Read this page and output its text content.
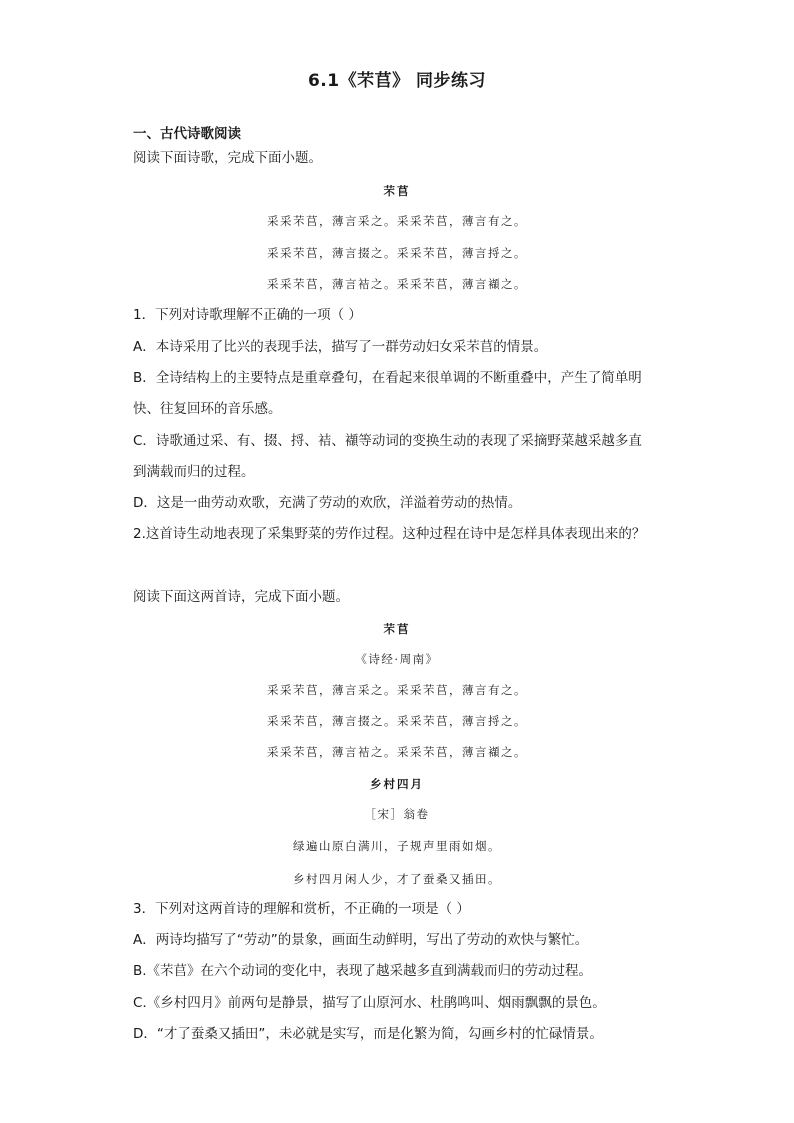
6.1《芣苢》 同步练习
一、古代诗歌阅读
阅读下面诗歌，完成下面小题。
芣苢
采采芣苢，薄言采之。采采芣苢，薄言有之。
采采芣苢，薄言掇之。采采芣苢，薄言捋之。
采采芣苢，薄言袺之。采采芣苢，薄言襭之。
1．下列对诗歌理解不正确的一项（ ）
A．本诗采用了比兴的表现手法，描写了一群劳动妇女采芣苢的情景。
B．全诗结构上的主要特点是重章叠句，在看起来很单调的不断重叠中，产生了简单明
快、往复回环的音乐感。
C．诗歌通过采、有、掇、捋、袺、襭等动词的变换生动的表现了采摘野菜越采越多直
到满载而归的过程。
D．这是一曲劳动欢歌，充满了劳动的欢欣，洋溢着劳动的热情。
2.这首诗生动地表现了采集野菜的劳作过程。这种过程在诗中是怎样具体表现出来的？
阅读下面这两首诗，完成下面小题。
芣苢
《诗经·周南》
采采芣苢，薄言采之。采采芣苢，薄言有之。
采采芣苢，薄言掇之。采采芣苢，薄言捋之。
采采芣苢，薄言袺之。采采芣苢，薄言襭之。
乡村四月
［宋］翁卷
绿遍山原白满川，子规声里雨如烟。
乡村四月闲人少，才了蚕桑又插田。
3．下列对这两首诗的理解和赏析，不正确的一项是（ ）
A．两诗均描写了“劳动”的景象，画面生动鲜明，写出了劳动的欢快与繁忙。
B.《芣苢》在六个动词的变化中，表现了越采越多直到满载而归的劳动过程。
C.《乡村四月》前两句是静景，描写了山原河水、杜鹃鸣叫、烟雨飘飘的景色。
D．“才了蚕桑又插田”，未必就是实写，而是化繁为简，勾画乡村的忙碌情景。
